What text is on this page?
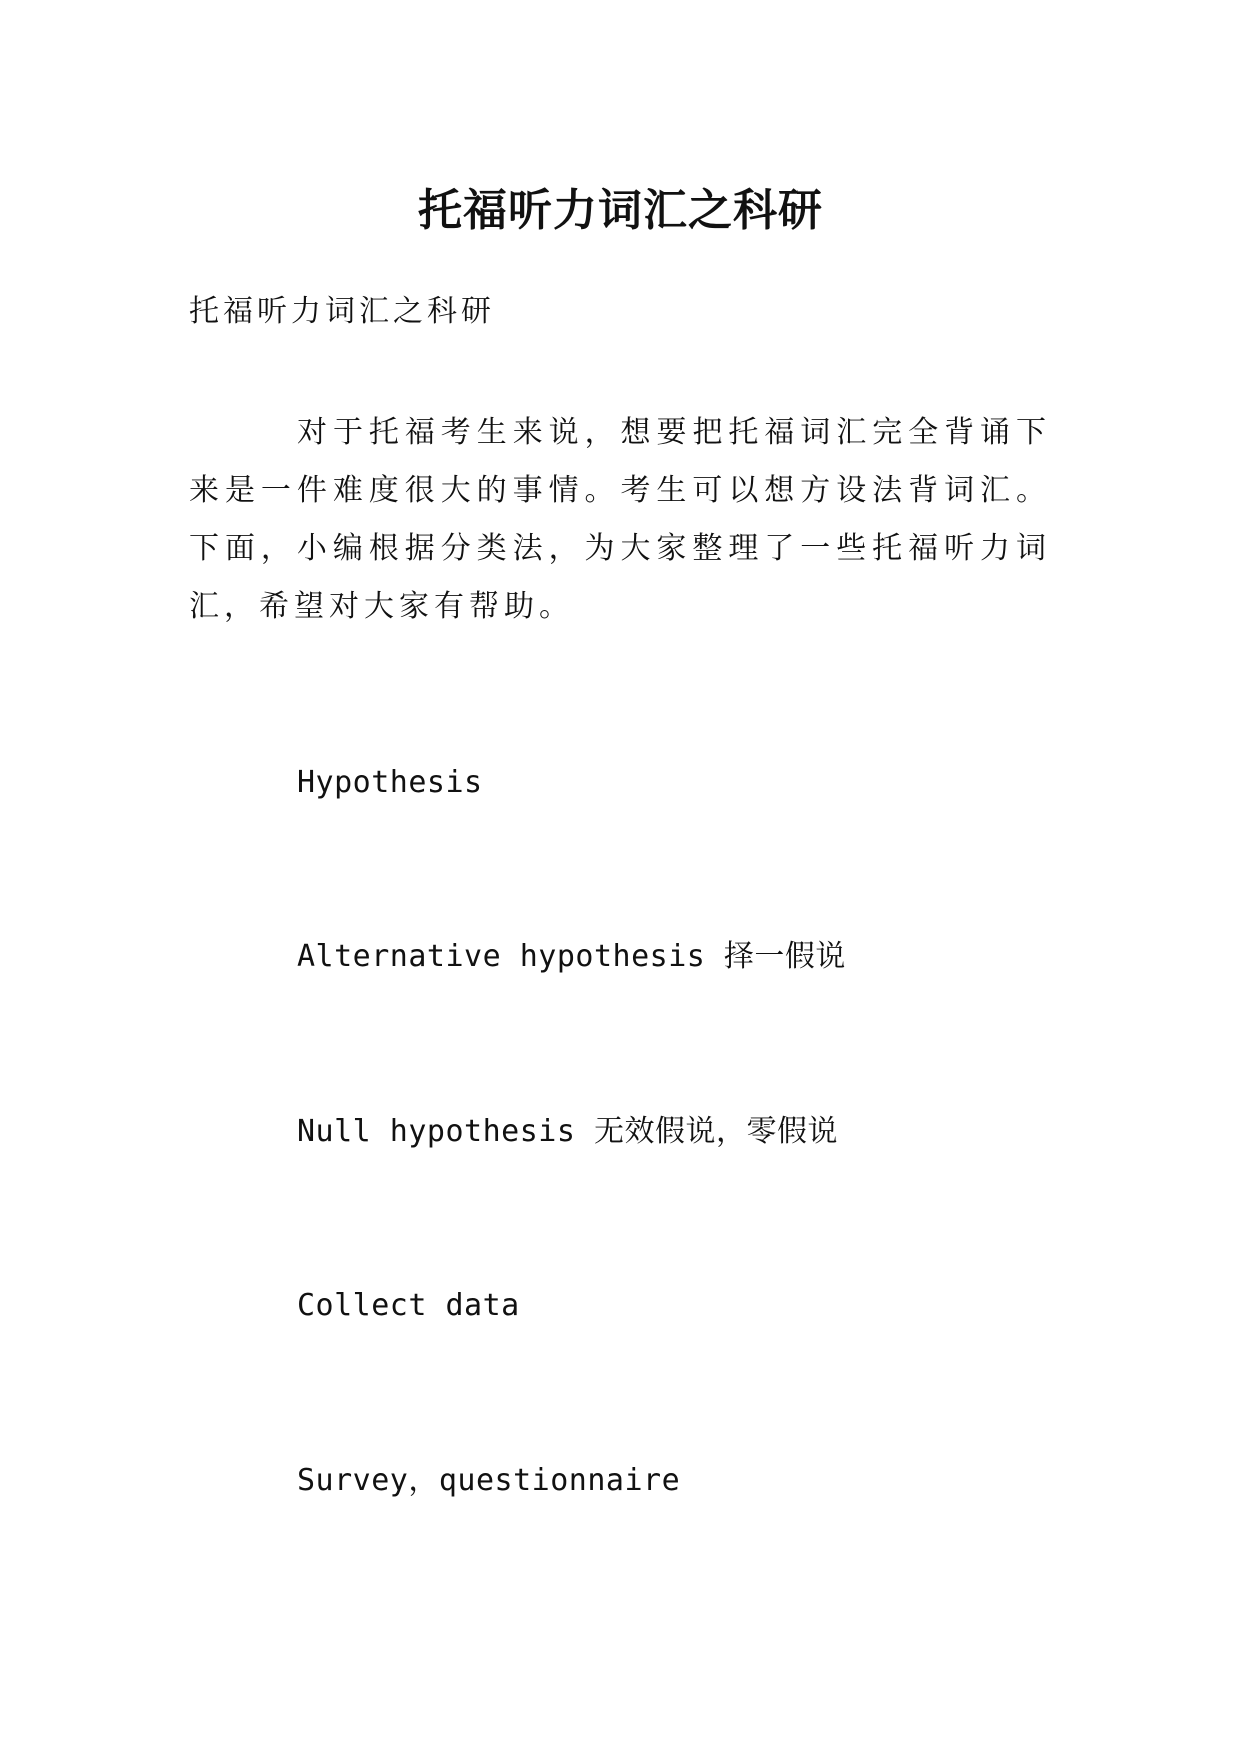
托福听力词汇之科研
托福听力词汇之科研

对于托福考生来说，想要把托福词汇完全背诵下来是一件难度很大的事情。考生可以想方设法背词汇。下面，小编根据分类法，为大家整理了一些托福听力词汇，希望对大家有帮助。

Hypothesis
Alternative hypothesis 择一假说
Null hypothesis 无效假说，零假说
Collect data
Survey，questionnaire
